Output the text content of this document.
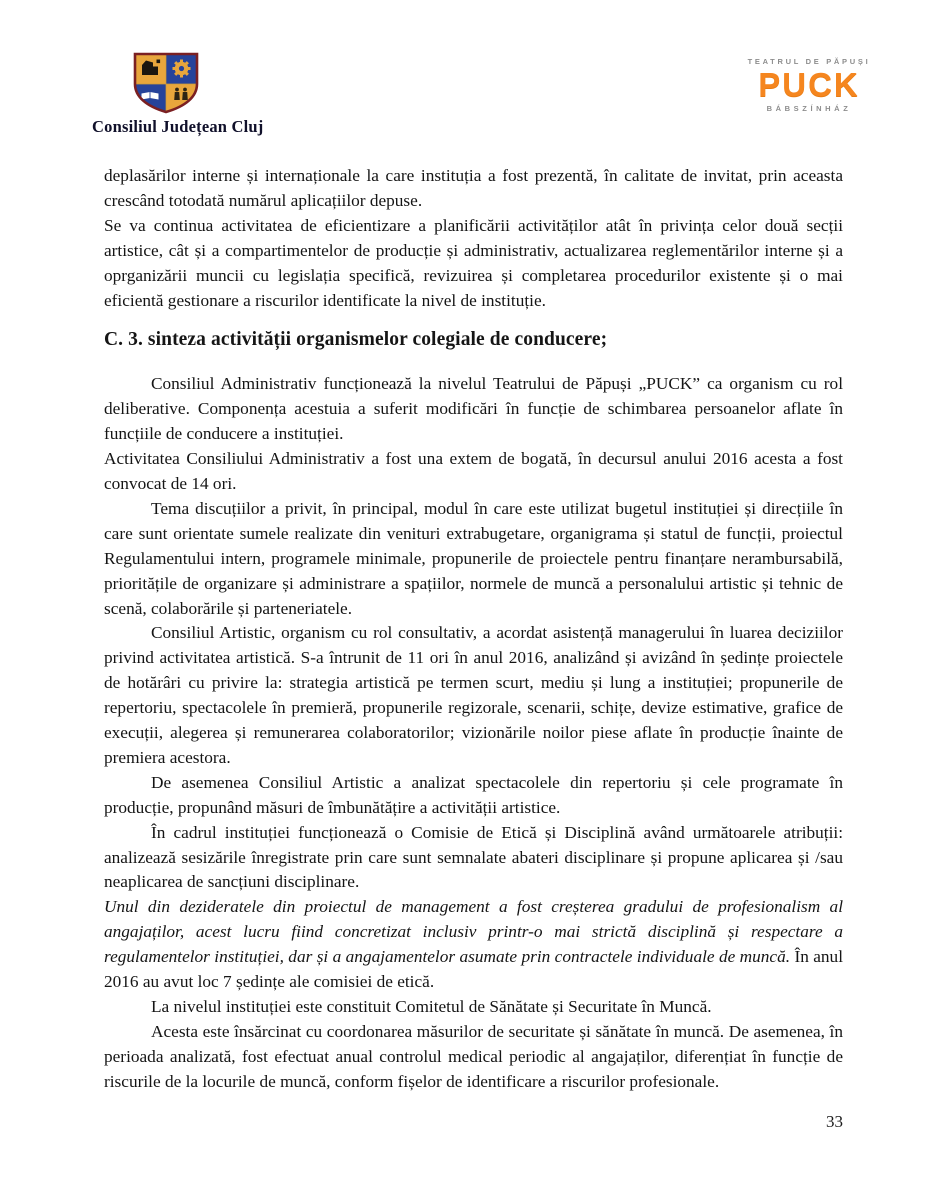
Consiliul Județean Cluj
TEATRUL DE PĂPUȘI
PUCK
BÁBSZÍNHÁZ

deplasărilor interne și internaționale la care instituția a fost prezentă, în calitate de invitat, prin aceasta crescând totodată numărul aplicațiilor depuse.

Se va continua activitatea de eficientizare a planificării activităților atât în privința celor două secții artistice, cât și a compartimentelor de producție și administrativ, actualizarea reglementărilor interne și a oprganizării muncii cu legislația specifică, revizuirea și completarea procedurilor existente și o mai eficientă gestionare a riscurilor identificate la nivel de instituție.

C. 3. sinteza activității organismelor colegiale de conducere;

Consiliul Administrativ funcționează la nivelul Teatrului de Păpuși „PUCK” ca organism cu rol deliberative. Componența acestuia a suferit modificări în funcție de schimbarea persoanelor aflate în funcțiile de conducere a instituției.

Activitatea Consiliului Administrativ a fost una extem de bogată, în decursul anului 2016 acesta a fost convocat de 14 ori.

Tema discuțiilor a privit, în principal, modul în care este utilizat bugetul instituției și direcțiile în care sunt orientate sumele realizate din venituri extrabugetare, organigrama și statul de funcții, proiectul Regulamentului intern, programele minimale, propunerile de proiectele pentru finanțare nerambursabilă, prioritățile de organizare și administrare a spațiilor, normele de muncă a personalului artistic și tehnic de scenă, colaborările și parteneriatele.

Consiliul Artistic, organism cu rol consultativ, a acordat asistență managerului în luarea deciziilor privind activitatea artistică. S-a întrunit de 11 ori în anul 2016, analizând și avizând în ședințe proiectele de hotărâri cu privire la: strategia artistică pe termen scurt, mediu și lung a instituției; propunerile de repertoriu, spectacolele în premieră, propunerile regizorale, scenarii, schițe, devize estimative, grafice de execuții, alegerea și remunerarea colaboratorilor; vizionările noilor piese aflate în producție înainte de premiera acestora.

De asemenea Consiliul Artistic a analizat spectacolele din repertoriu și cele programate în producție, propunând măsuri de îmbunătățire a activității artistice.

În cadrul instituției funcționează o Comisie de Etică și Disciplină având următoarele atribuții: analizează sesizările înregistrate prin care sunt semnalate abateri disciplinare și propune aplicarea și /sau neaplicarea de sancțiuni disciplinare.

Unul din dezideratele din proiectul de management a fost creșterea gradului de profesionalism al angajaților, acest lucru fiind concretizat inclusiv printr-o mai strictă disciplină și respectare a regulamentelor instituției, dar și a angajamentelor asumate prin contractele individuale de muncă. În anul 2016 au avut loc 7 ședințe ale comisiei de etică.

La nivelul instituției este constituit Comitetul de Sănătate și Securitate în Muncă.

Acesta este însărcinat cu coordonarea măsurilor de securitate și sănătate în muncă. De asemenea, în perioada analizată, fost efectuat anual controlul medical periodic al angajaților, diferențiat în funcție de riscurile de la locurile de muncă, conform fișelor de identificare a riscurilor profesionale.

33
